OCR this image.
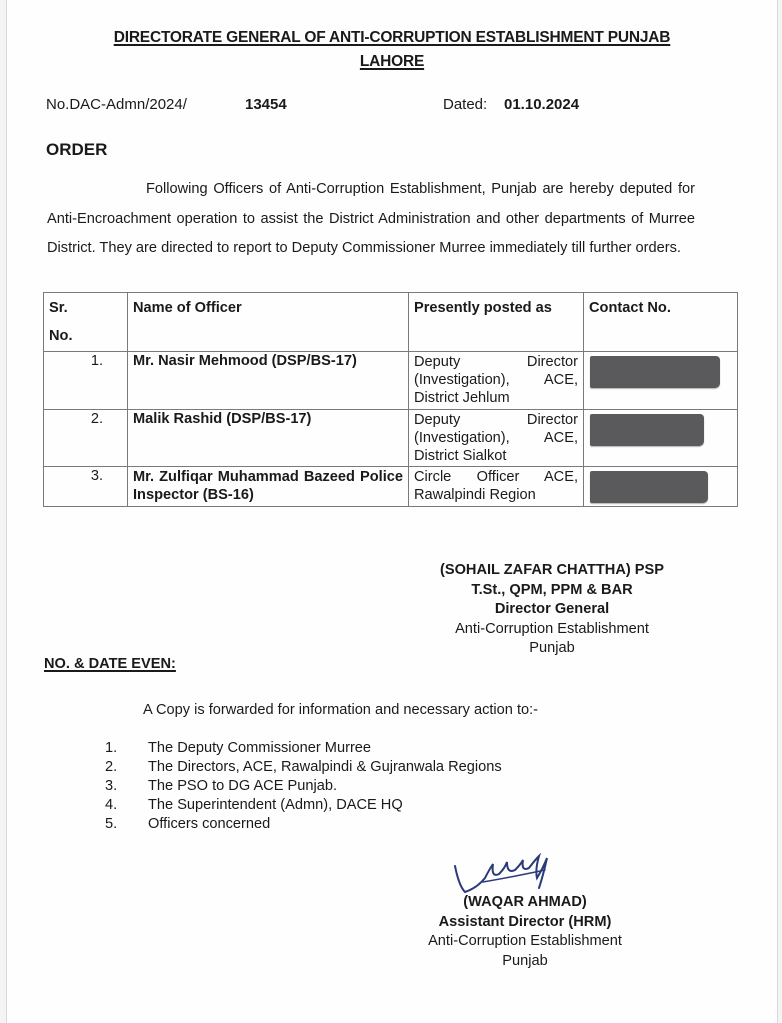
DIRECTORATE GENERAL OF ANTI-CORRUPTION ESTABLISHMENT PUNJAB
LAHORE
No.DAC-Admn/2024/	13454	Dated: 01.10.2024
ORDER
Following Officers of Anti-Corruption Establishment, Punjab are hereby deputed for Anti-Encroachment operation to assist the District Administration and other departments of Murree District. They are directed to report to Deputy Commissioner Murree immediately till further orders.
Sr.
No.	Name of Officer	Presently posted as	Contact No.

1.	Mr. Nasir Mehmood (DSP/BS-17)	Deputy Director
(Investigation), ACE,
District Jehlum	

2.	Malik Rashid (DSP/BS-17)	Deputy Director
(Investigation), ACE,
District Sialkot	

3.	Mr. Zulfiqar Muhammad Bazeed Police Inspector (BS-16)	Circle Officer ACE,
Rawalpindi Region	

(SOHAIL ZAFAR CHATTHA) PSP
T.St., QPM, PPM & BAR
Director General
Anti-Corruption Establishment
Punjab
NO. & DATE EVEN:
A Copy is forwarded for information and necessary action to:-
1. The Deputy Commissioner Murree
2. The Directors, ACE, Rawalpindi & Gujranwala Regions
3. The PSO to DG ACE Punjab.
4. The Superintendent (Admn), DACE HQ
5. Officers concerned
(WAQAR AHMAD)
Assistant Director (HRM)
Anti-Corruption Establishment
Punjab
